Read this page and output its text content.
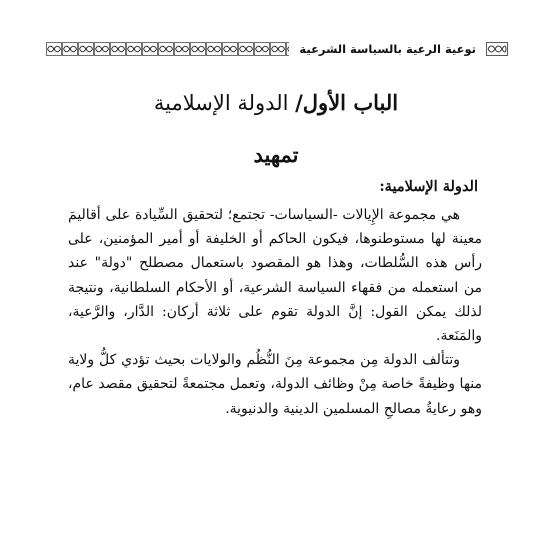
توعية الرعية بالسياسة الشرعية
الباب الأول/ الدولة الإسلامية
تمهيد
الدولة الإسلامية:

هي مجموعة الإِيالات -السياسات- تجتمع؛ لتحقيق السِّيادة على أقاليمَ معينة لها مستوطنوها، فيكون الحاكم أو الخليفة أو أمير المؤمنين، على رأس هذه السُّلطات، وهذا هو المقصود باستعمال مصطلح "دولة" عند من استعمله من فقهاء السياسة الشرعية، أو الأحكام السلطانية، ونتيجة لذلك يمكن القول: إنَّ الدولة تقوم على ثلاثة أركان: الدَّار، والرَّعية، والمَنَعة.

وتتألف الدولة مِن مجموعة مِنَ النُّظُم والولايات بحيث تؤدي كلُّ ولاية منها وظيفةً خاصة مِنْ وظائف الدولة، وتعمل مجتمعةً لتحقيق مقصد عام، وهو رعايةُ مصالحِ المسلمين الدينية والدنيوية.
